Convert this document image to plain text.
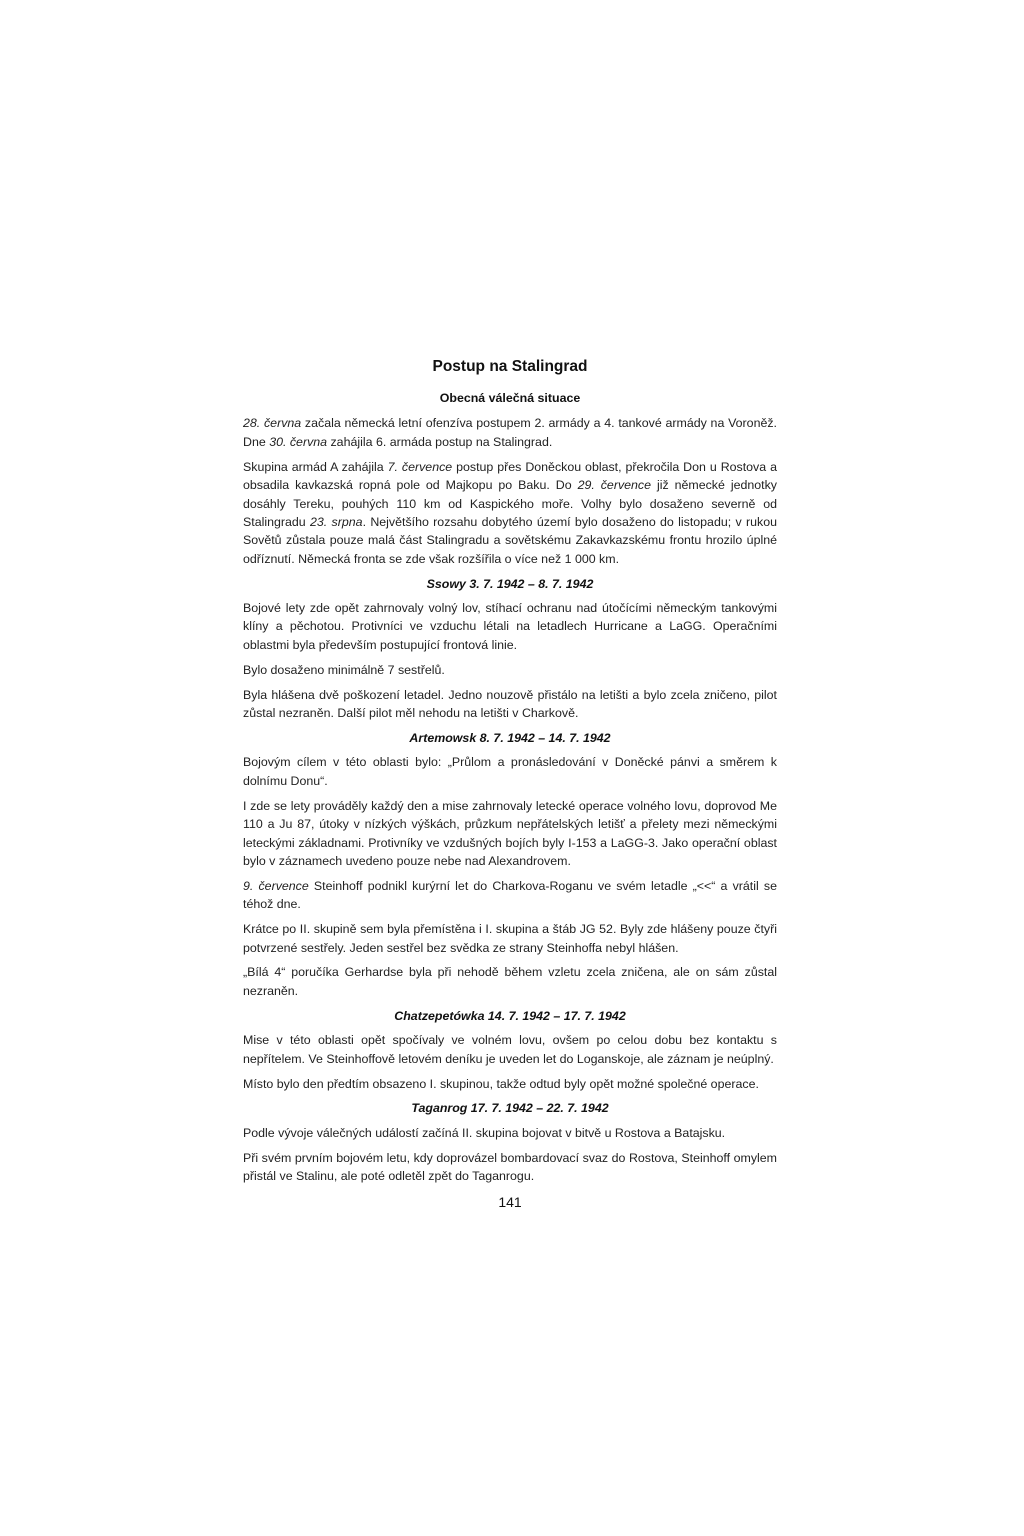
Postup na Stalingrad
Obecná válečná situace

28. června začala německá letní ofenzíva postupem 2. armády a 4. tankové armády na Voroněž. Dne 30. června zahájila 6. armáda postup na Stalingrad.

Skupina armád A zahájila 7. července postup přes Doněckou oblast, překročila Don u Rostova a obsadila kavkazská ropná pole od Majkopu po Baku. Do 29. července již německé jednotky dosáhly Tereku, pouhých 110 km od Kaspického moře. Volhy bylo dosaženo severně od Stalingradu 23. srpna. Největšího rozsahu dobytého území bylo dosaženo do listopadu; v rukou Sovětů zůstala pouze malá část Stalingradu a sovětskému Zakavkazskému frontu hrozilo úplné odříznutí. Německá fronta se zde však rozšířila o více než 1 000 km.

Ssowy 3. 7. 1942 – 8. 7. 1942

Bojové lety zde opět zahrnovaly volný lov, stíhací ochranu nad útočícími německým tankovými klíny a pěchotou. Protivníci ve vzduchu létali na letadlech Hurricane a LaGG. Operačními oblastmi byla především postupující frontová linie.

Bylo dosaženo minimálně 7 sestřelů.

Byla hlášena dvě poškození letadel. Jedno nouzově přistálo na letišti a bylo zcela zničeno, pilot zůstal nezraněn. Další pilot měl nehodu na letišti v Charkově.

Artemowsk 8. 7. 1942 – 14. 7. 1942

Bojovým cílem v této oblasti bylo: „Průlom a pronásledování v Doněcké pánvi a směrem k dolnímu Donu“.

I zde se lety prováděly každý den a mise zahrnovaly letecké operace volného lovu, doprovod Me 110 a Ju 87, útoky v nízkých výškách, průzkum nepřátelských letišť a přelety mezi německými leteckými základnami. Protivníky ve vzdušných bojích byly I-153 a LaGG-3. Jako operační oblast bylo v záznamech uvedeno pouze nebe nad Alexandrovem.

9. července Steinhoff podnikl kurýrní let do Charkova-Roganu ve svém letadle „<<“ a vrátil se téhož dne.

Krátce po II. skupině sem byla přemístěna i I. skupina a štáb JG 52. Byly zde hlášeny pouze čtyři potvrzené sestřely. Jeden sestřel bez svědka ze strany Steinhoffa nebyl hlášen.

„Bílá 4“ poručíka Gerhardse byla při nehodě během vzletu zcela zničena, ale on sám zůstal nezraněn.

Chatzepetówka 14. 7. 1942 – 17. 7. 1942

Mise v této oblasti opět spočívaly ve volném lovu, ovšem po celou dobu bez kontaktu s nepřítelem. Ve Steinhoffově letovém deníku je uveden let do Loganskoje, ale záznam je neúplný.

Místo bylo den předtím obsazeno I. skupinou, takže odtud byly opět možné společné operace.

Taganrog 17. 7. 1942 – 22. 7. 1942

Podle vývoje válečných událostí začíná II. skupina bojovat v bitvě u Rostova a Batajsku.

Při svém prvním bojovém letu, kdy doprovázel bombardovací svaz do Rostova, Steinhoff omylem přistál ve Stalinu, ale poté odletěl zpět do Taganrogu.

141
